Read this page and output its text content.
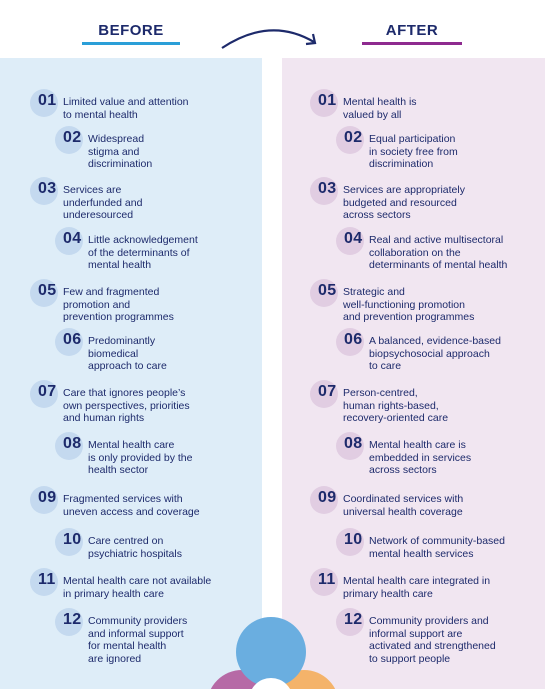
BEFORE	AFTER
01 Limited value and attention
to mental health
02 Widespread
stigma and
discrimination
03 Services are
underfunded and
underesourced
04 Little acknowledgement
of the determinants of
mental health
05 Few and fragmented
promotion and
prevention programmes
06 Predominantly
biomedical
approach to care
07 Care that ignores people’s
own perspectives, priorities
and human rights
08 Mental health care
is only provided by the
health sector
09 Fragmented services with
uneven access and coverage
10 Care centred on
psychiatric hospitals
11 Mental health care not available
in primary health care
12 Community providers
and informal support
for mental health
are ignored
01 Mental health is
valued by all
02 Equal participation
in society free from
discrimination
03 Services are appropriately
budgeted and resourced
across sectors
04 Real and active multisectoral
collaboration on the
determinants of mental health
05 Strategic and
well-functioning promotion
and prevention programmes
06 A balanced, evidence-based
biopsychosocial approach
to care
07 Person-centred,
human rights-based,
recovery-oriented care
08 Mental health care is
embedded in services
across sectors
09 Coordinated services with
universal health coverage
10 Network of community-based
mental health services
11 Mental health care integrated in
primary health care
12 Community providers and
informal support are
activated and strengthened
to support people
